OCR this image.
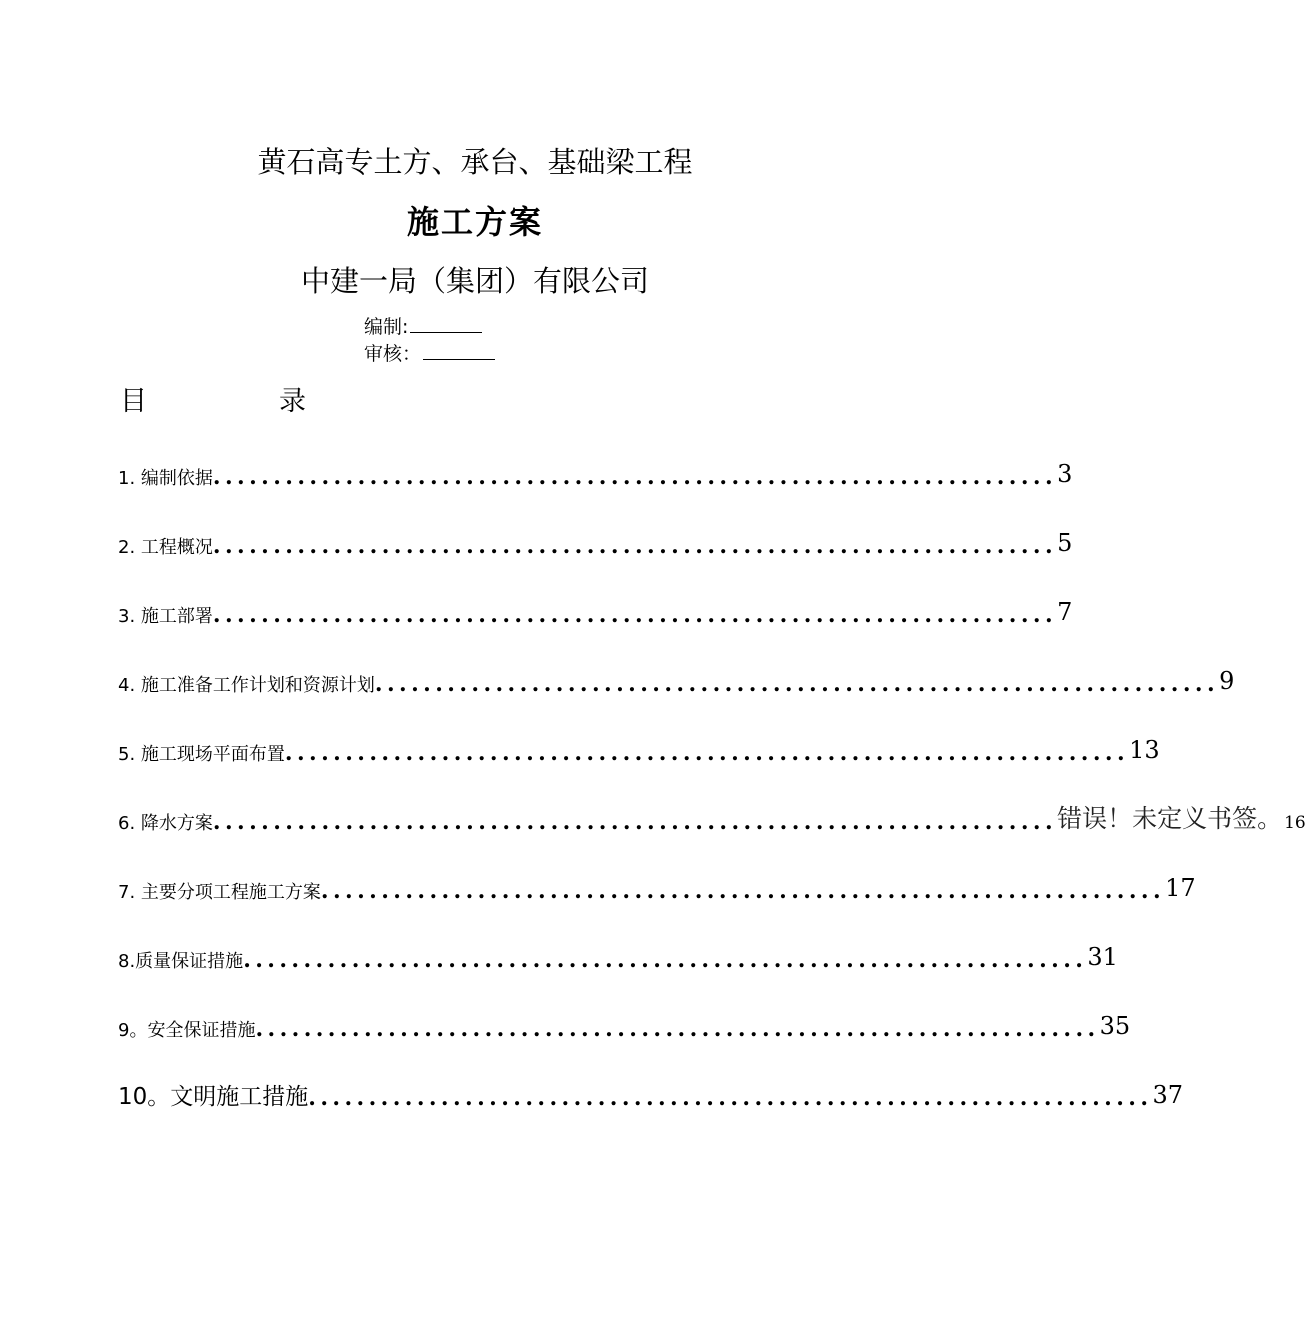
黄石高专土方、承台、基础梁工程
施工方案
中建一局（集团）有限公司
编制:
审核：
目	录
1. 编制依据 ...................................................................... 3
2. 工程概况 ...................................................................... 5
3. 施工部署 ...................................................................... 7
4. 施工准备工作计划和资源计划 ...................................................................... 9
5. 施工现场平面布置 ...................................................................... 13
6. 降水方案 ...................................................................... 错误！未定义书签。 16
7. 主要分项工程施工方案 ...................................................................... 17
8.质量保证措施 ...................................................................... 31
9。安全保证措施 ...................................................................... 35
10。文明施工措施 ...................................................................... 37
